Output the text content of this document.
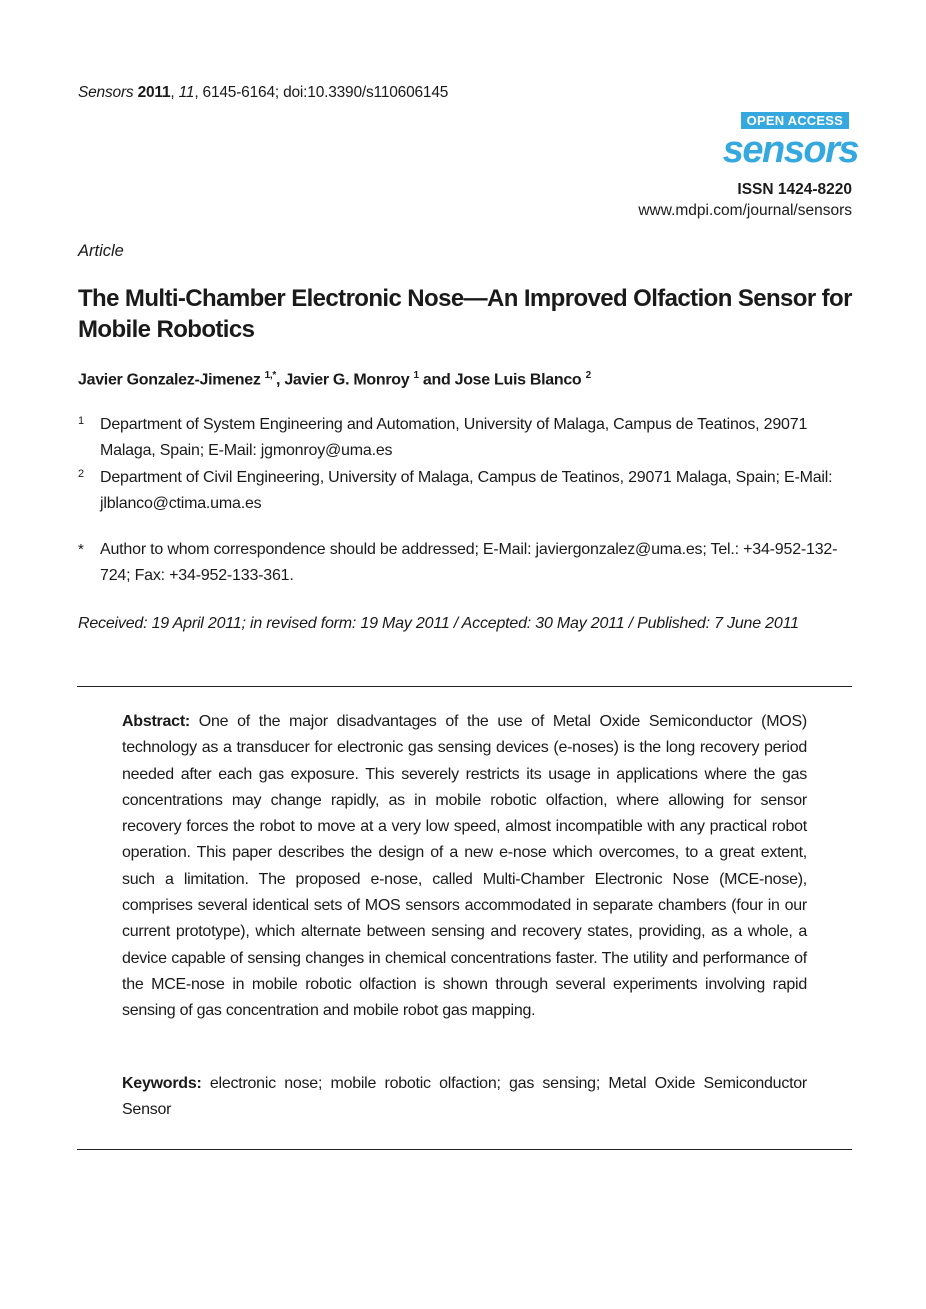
Sensors 2011, 11, 6145-6164; doi:10.3390/s110606145
OPEN ACCESS
sensors
ISSN 1424-8220
www.mdpi.com/journal/sensors
Article
The Multi-Chamber Electronic Nose—An Improved Olfaction Sensor for Mobile Robotics
Javier Gonzalez-Jimenez $^{1,*}$, Javier G. Monroy $^1$ and Jose Luis Blanco $^2$
1 Department of System Engineering and Automation, University of Malaga, Campus de Teatinos, 29071 Malaga, Spain; E-Mail: jgmonroy@uma.es
2 Department of Civil Engineering, University of Malaga, Campus de Teatinos, 29071 Malaga, Spain; E-Mail: jlblanco@ctima.uma.es
* Author to whom correspondence should be addressed; E-Mail: javiergonzalez@uma.es; Tel.: +34-952-132-724; Fax: +34-952-133-361.
Received: 19 April 2011; in revised form: 19 May 2011 / Accepted: 30 May 2011 / Published: 7 June 2011
Abstract: One of the major disadvantages of the use of Metal Oxide Semiconductor (MOS) technology as a transducer for electronic gas sensing devices (e-noses) is the long recovery period needed after each gas exposure. This severely restricts its usage in applications where the gas concentrations may change rapidly, as in mobile robotic olfaction, where allowing for sensor recovery forces the robot to move at a very low speed, almost incompatible with any practical robot operation. This paper describes the design of a new e-nose which overcomes, to a great extent, such a limitation. The proposed e-nose, called Multi-Chamber Electronic Nose (MCE-nose), comprises several identical sets of MOS sensors accommodated in separate chambers (four in our current prototype), which alternate between sensing and recovery states, providing, as a whole, a device capable of sensing changes in chemical concentrations faster. The utility and performance of the MCE-nose in mobile robotic olfaction is shown through several experiments involving rapid sensing of gas concentration and mobile robot gas mapping.
Keywords: electronic nose; mobile robotic olfaction; gas sensing; Metal Oxide Semiconductor Sensor
